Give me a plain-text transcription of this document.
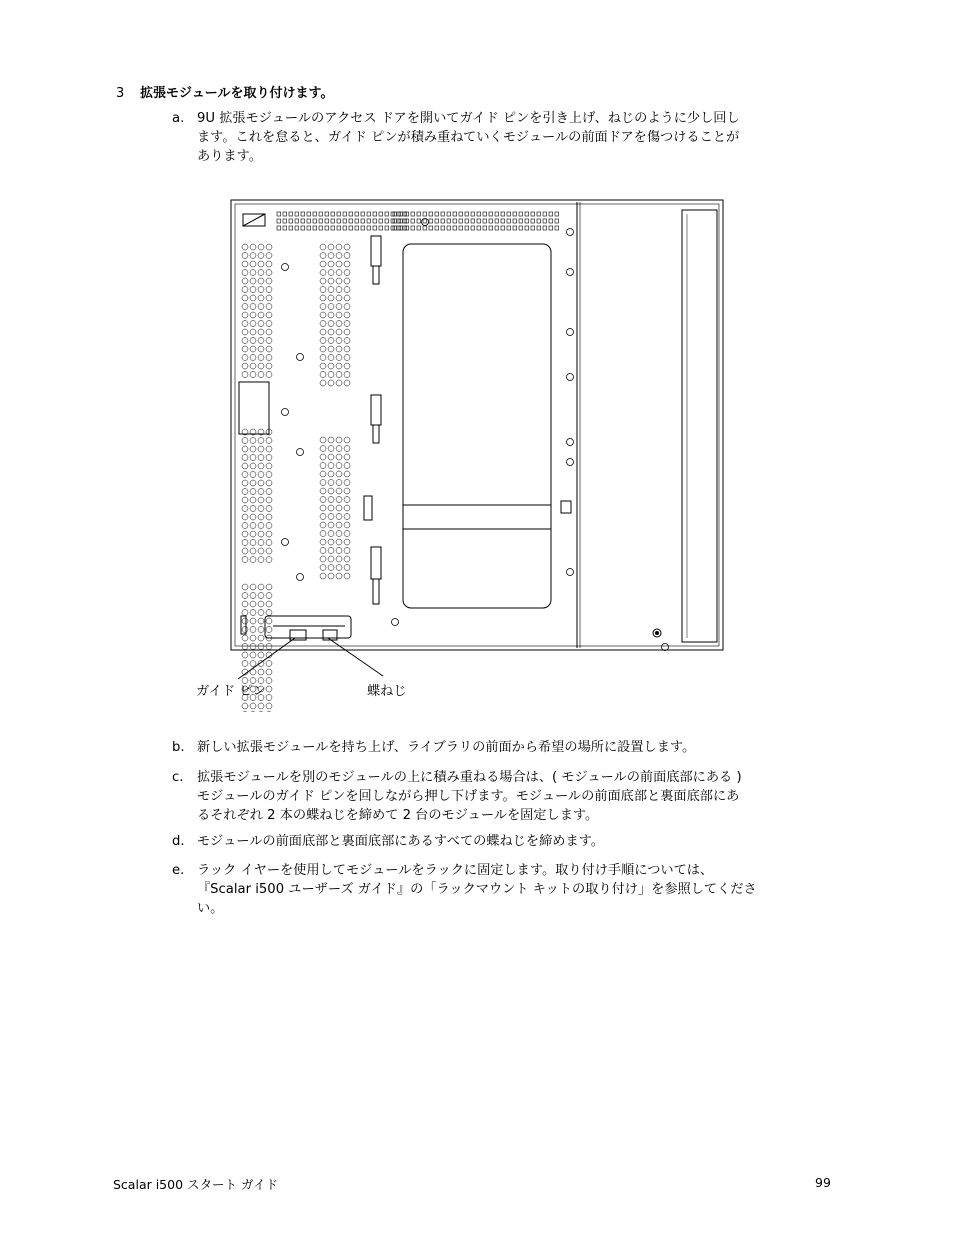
3 拡張モジュールを取り付けます。
a. 9U 拡張モジュールのアクセス ドアを開いてガイド ピンを引き上げ、ねじのように少し回し
ます。これを怠ると、ガイド ピンが積み重ねていくモジュールの前面ドアを傷つけることが
あります。
ガイド ピン	蝶ねじ
b. 新しい拡張モジュールを持ち上げ、ライブラリの前面から希望の場所に設置します。
c. 拡張モジュールを別のモジュールの上に積み重ねる場合は、( モジュールの前面底部にある )
モジュールのガイド ピンを回しながら押し下げます。モジュールの前面底部と裏面底部にあ
るそれぞれ 2 本の蝶ねじを締めて 2 台のモジュールを固定します。
d. モジュールの前面底部と裏面底部にあるすべての蝶ねじを締めます。
e. ラック イヤーを使用してモジュールをラックに固定します。取り付け手順については、
『Scalar i500 ユーザーズ ガイド』の「ラックマウント キットの取り付け」を参照してくださ
い。
Scalar i500 スタート ガイド	99
